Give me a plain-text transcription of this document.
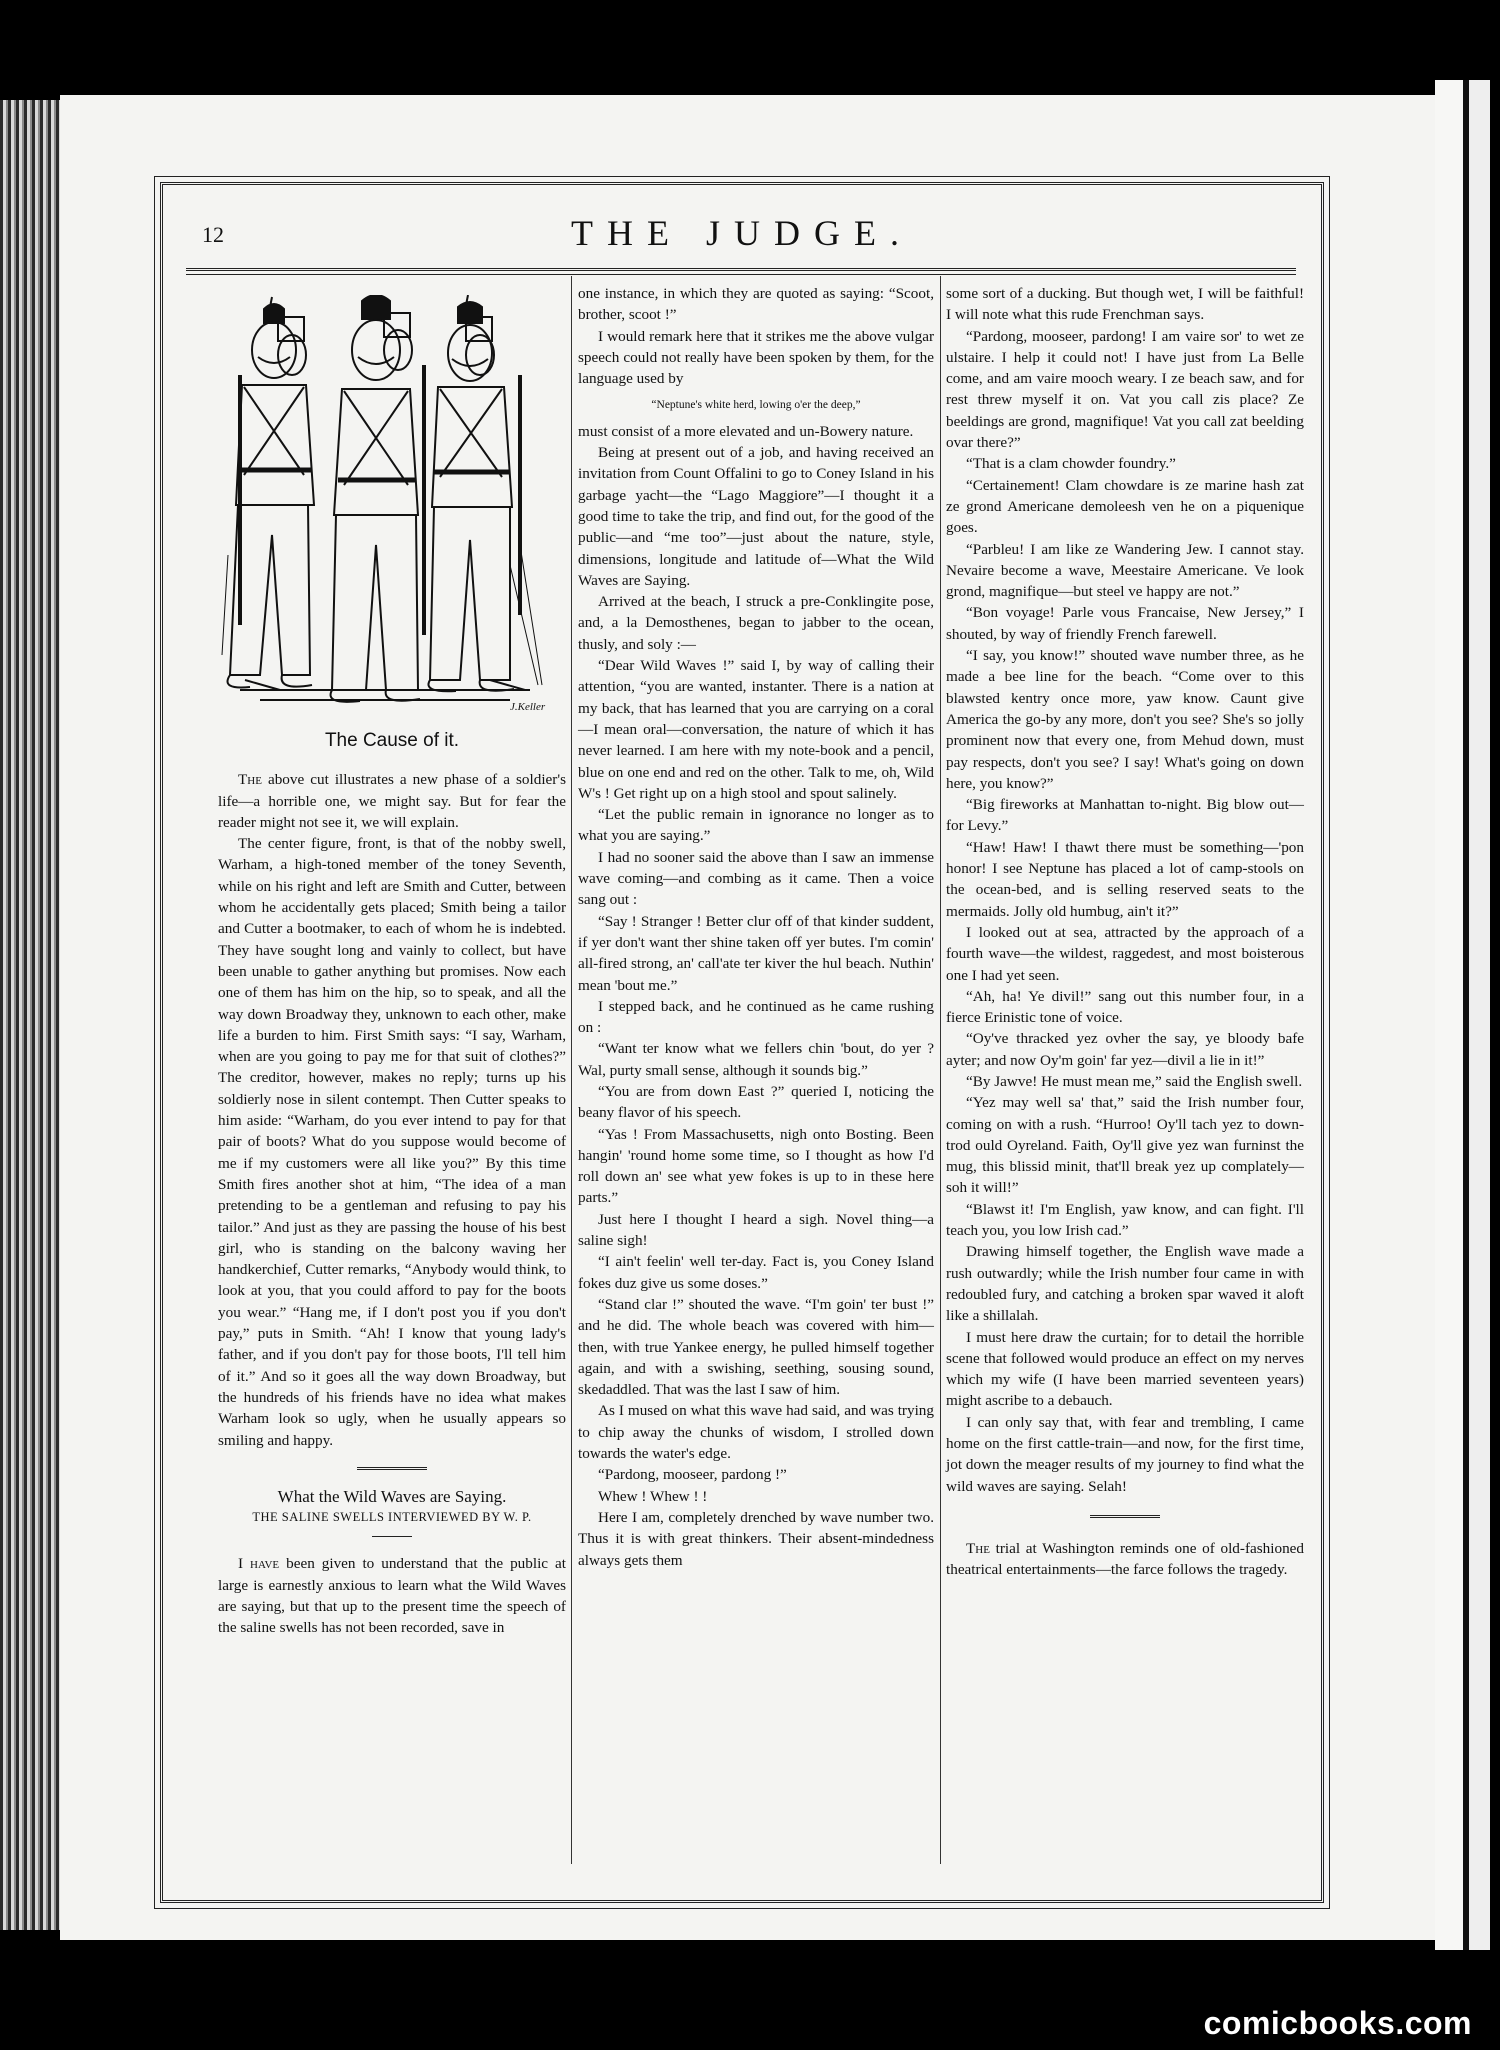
12	THE JUDGE.
J.Keller
The Cause of it.

The above cut illustrates a new phase of a soldier's life—a horrible one, we might say. But for fear the reader might not see it, we will explain.

The center figure, front, is that of the nobby swell, Warham, a high-toned member of the toney Seventh, while on his right and left are Smith and Cutter, between whom he accidentally gets placed; Smith being a tailor and Cutter a bootmaker, to each of whom he is indebted. They have sought long and vainly to collect, but have been unable to gather anything but promises. Now each one of them has him on the hip, so to speak, and all the way down Broadway they, unknown to each other, make life a burden to him. First Smith says: “I say, Warham, when are you going to pay me for that suit of clothes?” The creditor, however, makes no reply; turns up his soldierly nose in silent contempt. Then Cutter speaks to him aside: “Warham, do you ever intend to pay for that pair of boots? What do you suppose would become of me if my customers were all like you?” By this time Smith fires another shot at him, “The idea of a man pretending to be a gentleman and refusing to pay his tailor.” And just as they are passing the house of his best girl, who is standing on the balcony waving her handkerchief, Cutter remarks, “Anybody would think, to look at you, that you could afford to pay for the boots you wear.” “Hang me, if I don't post you if you don't pay,” puts in Smith. “Ah! I know that young lady's father, and if you don't pay for those boots, I'll tell him of it.” And so it goes all the way down Broadway, but the hundreds of his friends have no idea what makes Warham look so ugly, when he usually appears so smiling and happy.

What the Wild Waves are Saying.

THE SALINE SWELLS INTERVIEWED BY W. P.

I have been given to understand that the public at large is earnestly anxious to learn what the Wild Waves are saying, but that up to the present time the speech of the saline swells has not been recorded, save in

one instance, in which they are quoted as saying: “Scoot, brother, scoot !”

I would remark here that it strikes me the above vulgar speech could not really have been spoken by them, for the language used by

“Neptune's white herd, lowing o'er the deep,”

must consist of a more elevated and un-Bowery nature.

Being at present out of a job, and having received an invitation from Count Offalini to go to Coney Island in his garbage yacht—the “Lago Maggiore”—I thought it a good time to take the trip, and find out, for the good of the public—and “me too”—just about the nature, style, dimensions, longitude and latitude of—What the Wild Waves are Saying.

Arrived at the beach, I struck a pre-Conklingite pose, and, a la Demosthenes, began to jabber to the ocean, thusly, and soly :—

“Dear Wild Waves !” said I, by way of calling their attention, “you are wanted, instanter. There is a nation at my back, that has learned that you are carrying on a coral—I mean oral—conversation, the nature of which it has never learned. I am here with my note-book and a pencil, blue on one end and red on the other. Talk to me, oh, Wild W's ! Get right up on a high stool and spout salinely.

“Let the public remain in ignorance no longer as to what you are saying.”

I had no sooner said the above than I saw an immense wave coming—and combing as it came. Then a voice sang out :

“Say ! Stranger ! Better clur off of that kinder suddent, if yer don't want ther shine taken off yer butes. I'm comin' all-fired strong, an' call'ate ter kiver the hul beach. Nuthin' mean 'bout me.”

I stepped back, and he continued as he came rushing on :

“Want ter know what we fellers chin 'bout, do yer ? Wal, purty small sense, although it sounds big.”

“You are from down East ?” queried I, noticing the beany flavor of his speech.

“Yas ! From Massachusetts, nigh onto Bosting. Been hangin' 'round home some time, so I thought as how I'd roll down an' see what yew fokes is up to in these here parts.”

Just here I thought I heard a sigh. Novel thing—a saline sigh!

“I ain't feelin' well ter-day. Fact is, you Coney Island fokes duz give us some doses.”

“Stand clar !” shouted the wave. “I'm goin' ter bust !” and he did. The whole beach was covered with him—then, with true Yankee energy, he pulled himself together again, and with a swishing, seething, sousing sound, skedaddled. That was the last I saw of him.

As I mused on what this wave had said, and was trying to chip away the chunks of wisdom, I strolled down towards the water's edge.

“Pardong, mooseer, pardong !”

Whew ! Whew ! !

Here I am, completely drenched by wave number two. Thus it is with great thinkers. Their absent-mindedness always gets them

some sort of a ducking. But though wet, I will be faithful! I will note what this rude Frenchman says.

“Pardong, mooseer, pardong! I am vaire sor' to wet ze ulstaire. I help it could not! I have just from La Belle come, and am vaire mooch weary. I ze beach saw, and for rest threw myself it on. Vat you call zis place? Ze beeldings are grond, magnifique! Vat you call zat beelding ovar there?”

“That is a clam chowder foundry.”

“Certainement! Clam chowdare is ze marine hash zat ze grond Americane demoleesh ven he on a piquenique goes.

“Parbleu! I am like ze Wandering Jew. I cannot stay. Nevaire become a wave, Meestaire Americane. Ve look grond, magnifique—but steel ve happy are not.”

“Bon voyage! Parle vous Francaise, New Jersey,” I shouted, by way of friendly French farewell.

“I say, you know!” shouted wave number three, as he made a bee line for the beach. “Come over to this blawsted kentry once more, yaw know. Caunt give America the go-by any more, don't you see? She's so jolly prominent now that every one, from Mehud down, must pay respects, don't you see? I say! What's going on down here, you know?”

“Big fireworks at Manhattan to-night. Big blow out—for Levy.”

“Haw! Haw! I thawt there must be something—'pon honor! I see Neptune has placed a lot of camp-stools on the ocean-bed, and is selling reserved seats to the mermaids. Jolly old humbug, ain't it?”

I looked out at sea, attracted by the approach of a fourth wave—the wildest, raggedest, and most boisterous one I had yet seen.

“Ah, ha! Ye divil!” sang out this number four, in a fierce Erinistic tone of voice.

“Oy've thracked yez ovher the say, ye bloody bafe ayter; and now Oy'm goin' far yez—divil a lie in it!”

“By Jawve! He must mean me,” said the English swell.

“Yez may well sa' that,” said the Irish number four, coming on with a rush. “Hurroo! Oy'll tach yez to down-trod ould Oyreland. Faith, Oy'll give yez wan furninst the mug, this blissid minit, that'll break yez up complately—soh it will!”

“Blawst it! I'm English, yaw know, and can fight. I'll teach you, you low Irish cad.”

Drawing himself together, the English wave made a rush outwardly; while the Irish number four came in with redoubled fury, and catching a broken spar waved it aloft like a shillalah.

I must here draw the curtain; for to detail the horrible scene that followed would produce an effect on my nerves which my wife (I have been married seventeen years) might ascribe to a debauch.

I can only say that, with fear and trembling, I came home on the first cattle-train—and now, for the first time, jot down the meager results of my journey to find what the wild waves are saying. Selah!

The trial at Washington reminds one of old-fashioned theatrical entertainments—the farce follows the tragedy.

comicbooks.com
